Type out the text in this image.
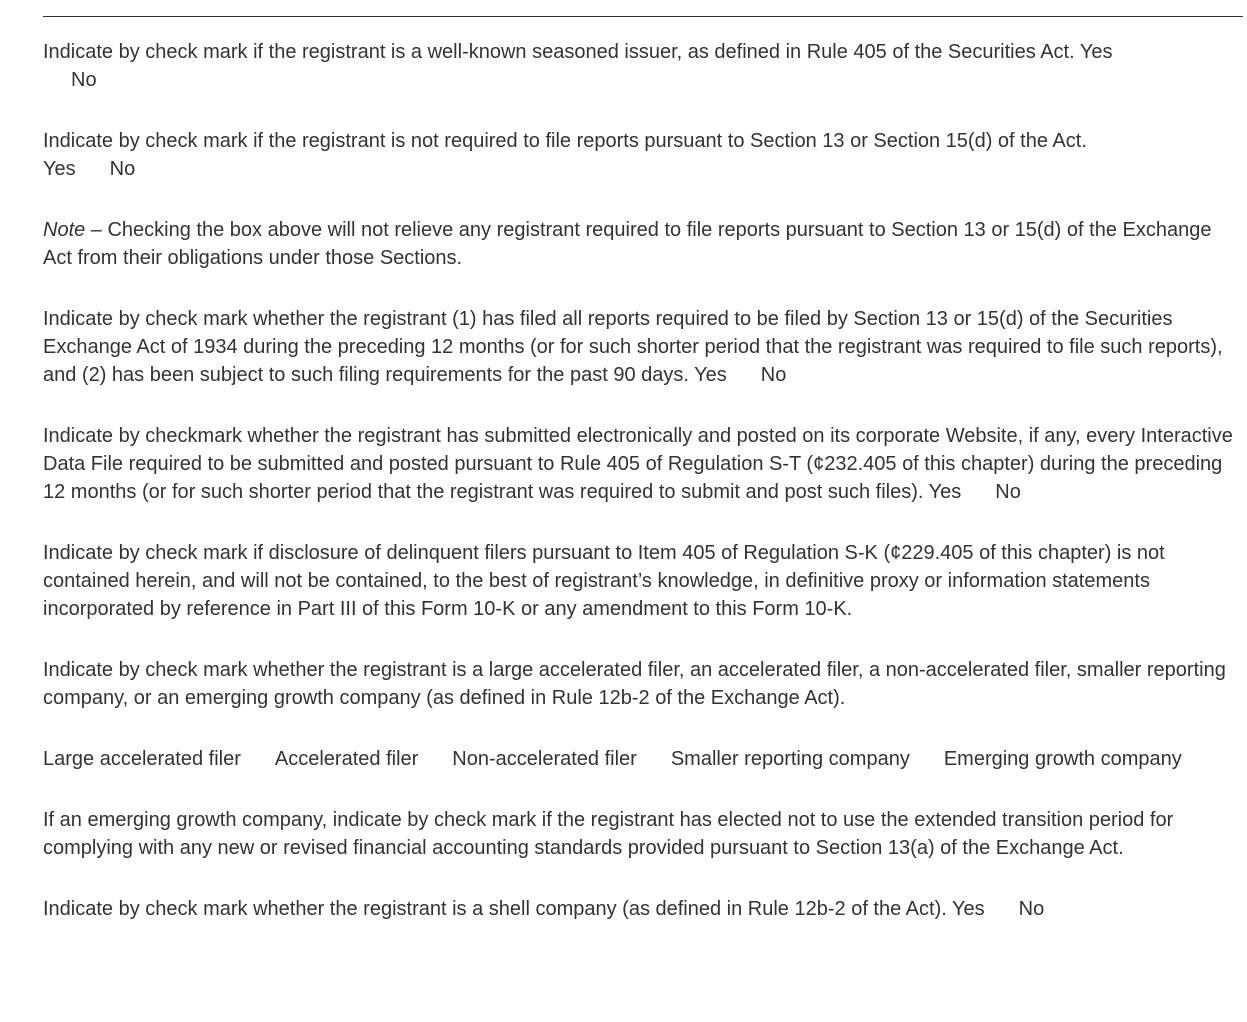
Indicate by check mark if the registrant is a well-known seasoned issuer, as defined in Rule 405 of the Securities Act. Yes
No

Indicate by check mark if the registrant is not required to file reports pursuant to Section 13 or Section 15(d) of the Act.
Yes No

Note – Checking the box above will not relieve any registrant required to file reports pursuant to Section 13 or 15(d) of the Exchange Act from their obligations under those Sections.

Indicate by check mark whether the registrant (1) has filed all reports required to be filed by Section 13 or 15(d) of the Securities Exchange Act of 1934 during the preceding 12 months (or for such shorter period that the registrant was required to file such reports), and (2) has been subject to such filing requirements for the past 90 days. Yes No

Indicate by checkmark whether the registrant has submitted electronically and posted on its corporate Website, if any, every Interactive Data File required to be submitted and posted pursuant to Rule 405 of Regulation S-T (¢232.405 of this chapter) during the preceding 12 months (or for such shorter period that the registrant was required to submit and post such files). Yes No

Indicate by check mark if disclosure of delinquent filers pursuant to Item 405 of Regulation S-K (¢229.405 of this chapter) is not contained herein, and will not be contained, to the best of registrant’s knowledge, in definitive proxy or information statements incorporated by reference in Part III of this Form 10-K or any amendment to this Form 10-K.

Indicate by check mark whether the registrant is a large accelerated filer, an accelerated filer, a non-accelerated filer, smaller reporting company, or an emerging growth company (as defined in Rule 12b-2 of the Exchange Act).

Large accelerated filer Accelerated filer Non-accelerated filer Smaller reporting company Emerging growth company

If an emerging growth company, indicate by check mark if the registrant has elected not to use the extended transition period for complying with any new or revised financial accounting standards provided pursuant to Section 13(a) of the Exchange Act.

Indicate by check mark whether the registrant is a shell company (as defined in Rule 12b-2 of the Act). Yes No
